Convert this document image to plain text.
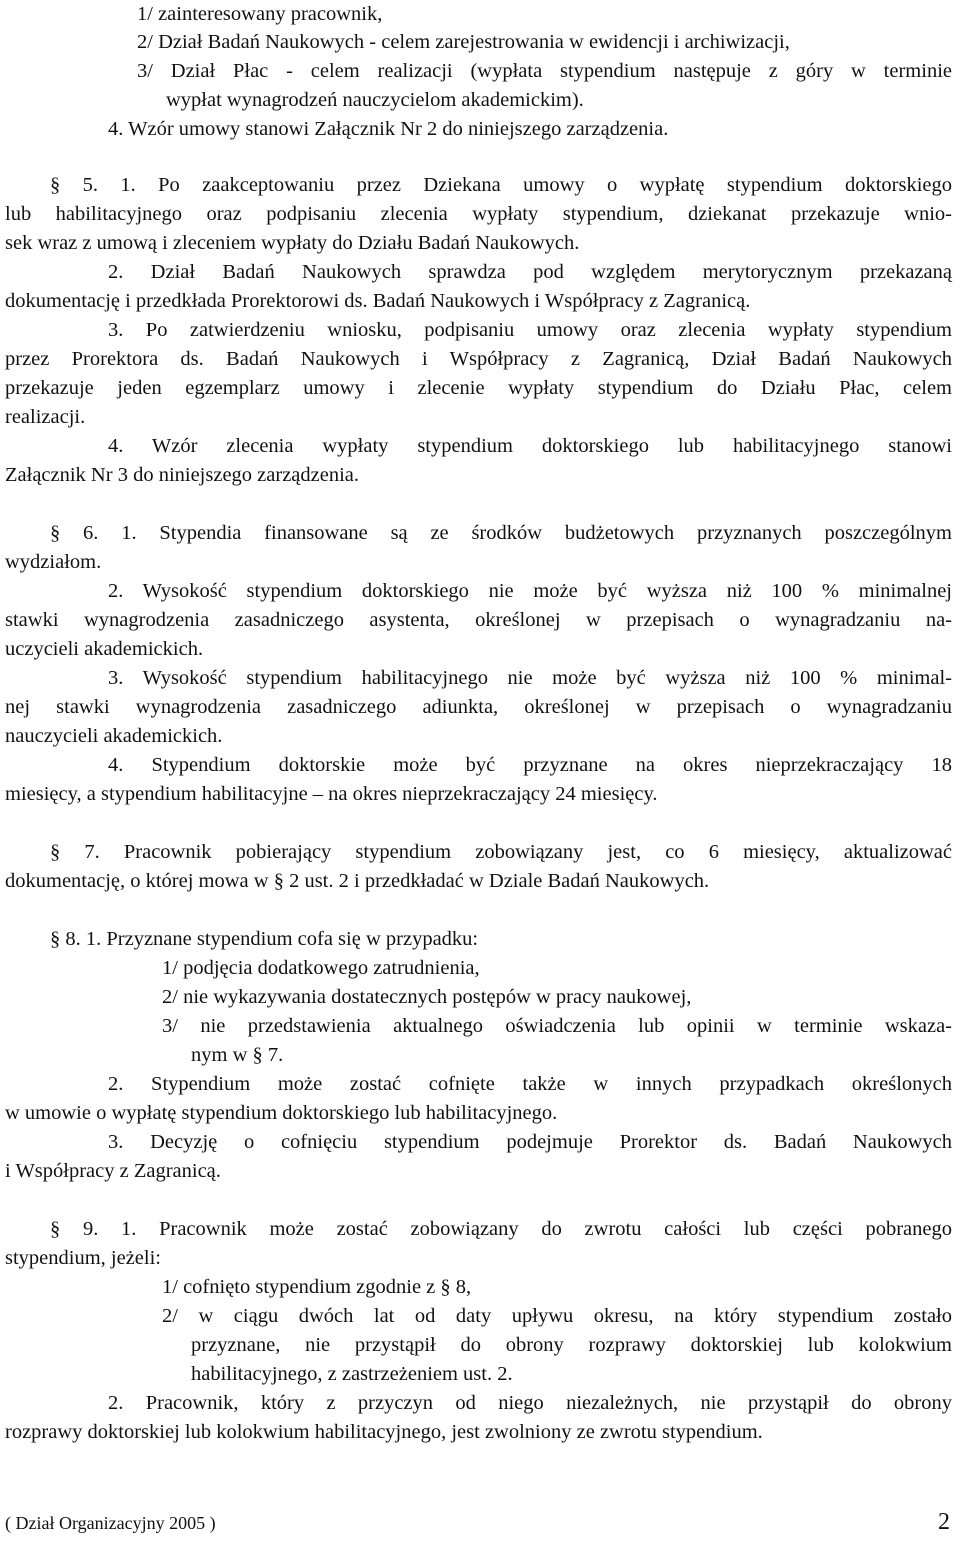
1/ zainteresowany pracownik,
2/ Dział Badań Naukowych - celem zarejestrowania w ewidencji i archiwizacji,
3/ Dział Płac - celem realizacji (wypłata stypendium następuje z góry w terminie
wypłat wynagrodzeń nauczycielom akademickim).
4. Wzór umowy stanowi Załącznik Nr 2 do niniejszego zarządzenia.
§ 5. 1. Po zaakceptowaniu przez Dziekana umowy o wypłatę stypendium doktorskiego
lub habilitacyjnego oraz podpisaniu zlecenia wypłaty stypendium, dziekanat przekazuje wnio-
sek wraz z umową i zleceniem wypłaty do Działu Badań Naukowych.
2. Dział Badań Naukowych sprawdza pod względem merytorycznym przekazaną
dokumentację i przedkłada Prorektorowi ds. Badań Naukowych i Współpracy z Zagranicą.
3. Po zatwierdzeniu wniosku, podpisaniu umowy oraz zlecenia wypłaty stypendium
przez Prorektora ds. Badań Naukowych i Współpracy z Zagranicą, Dział Badań Naukowych
przekazuje jeden egzemplarz umowy i zlecenie wypłaty stypendium do Działu Płac, celem
realizacji.
4. Wzór zlecenia wypłaty stypendium doktorskiego lub habilitacyjnego stanowi
Załącznik Nr 3 do niniejszego zarządzenia.
§ 6. 1. Stypendia finansowane są ze środków budżetowych przyznanych poszczególnym
wydziałom.
2. Wysokość stypendium doktorskiego nie może być wyższa niż 100 % minimalnej
stawki wynagrodzenia zasadniczego asystenta, określonej w przepisach o wynagradzaniu na-
uczycieli akademickich.
3. Wysokość stypendium habilitacyjnego nie może być wyższa niż 100 % minimal-
nej stawki wynagrodzenia zasadniczego adiunkta, określonej w przepisach o wynagradzaniu
nauczycieli akademickich.
4. Stypendium doktorskie może być przyznane na okres nieprzekraczający 18
miesięcy, a stypendium habilitacyjne – na okres nieprzekraczający 24 miesięcy.
§ 7. Pracownik pobierający stypendium zobowiązany jest, co 6 miesięcy, aktualizować
dokumentację, o której mowa w § 2 ust. 2 i przedkładać w Dziale Badań Naukowych.
§ 8. 1. Przyznane stypendium cofa się w przypadku:
1/ podjęcia dodatkowego zatrudnienia,
2/ nie wykazywania dostatecznych postępów w pracy naukowej,
3/ nie przedstawienia aktualnego oświadczenia lub opinii w terminie wskaza-
nym w § 7.
2. Stypendium może zostać cofnięte także w innych przypadkach określonych
w umowie o wypłatę stypendium doktorskiego lub habilitacyjnego.
3. Decyzję o cofnięciu stypendium podejmuje Prorektor ds. Badań Naukowych
i Współpracy z Zagranicą.
§ 9. 1. Pracownik może zostać zobowiązany do zwrotu całości lub części pobranego
stypendium, jeżeli:
1/ cofnięto stypendium zgodnie z § 8,
2/ w ciągu dwóch lat od daty upływu okresu, na który stypendium zostało
przyznane, nie przystąpił do obrony rozprawy doktorskiej lub kolokwium
habilitacyjnego, z zastrzeżeniem ust. 2.
2. Pracownik, który z przyczyn od niego niezależnych, nie przystąpił do obrony
rozprawy doktorskiej lub kolokwium habilitacyjnego, jest zwolniony ze zwrotu stypendium.
( Dział Organizacyjny 2005 )	2
